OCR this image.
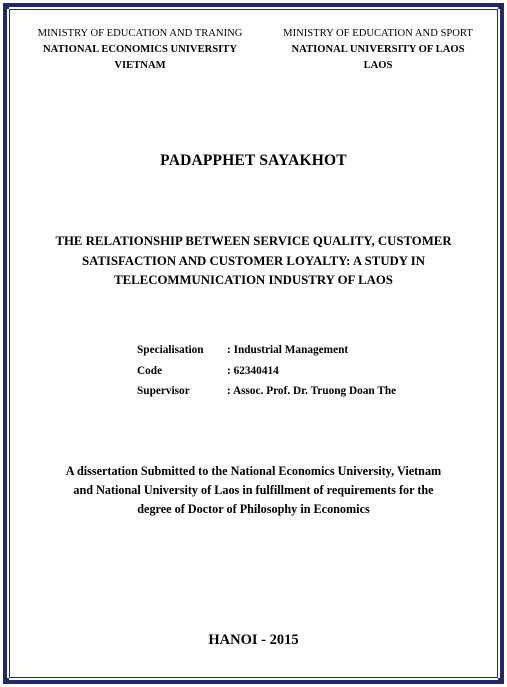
MINISTRY OF EDUCATION AND TRANING
NATIONAL ECONOMICS UNIVERSITY
VIETNAM
MINISTRY OF EDUCATION AND SPORT
NATIONAL UNIVERSITY OF LAOS
LAOS
PADAPPHET SAYAKHOT
THE RELATIONSHIP BETWEEN SERVICE QUALITY, CUSTOMER
SATISFACTION AND CUSTOMER LOYALTY: A STUDY IN
TELECOMMUNICATION INDUSTRY OF LAOS
Specialisation	: Industrial Management
Code	: 62340414
Supervisor	: Assoc. Prof. Dr. Truong Doan The
A dissertation Submitted to the National Economics University, Vietnam
and National University of Laos in fulfillment of requirements for the
degree of Doctor of Philosophy in Economics
HANOI - 2015
